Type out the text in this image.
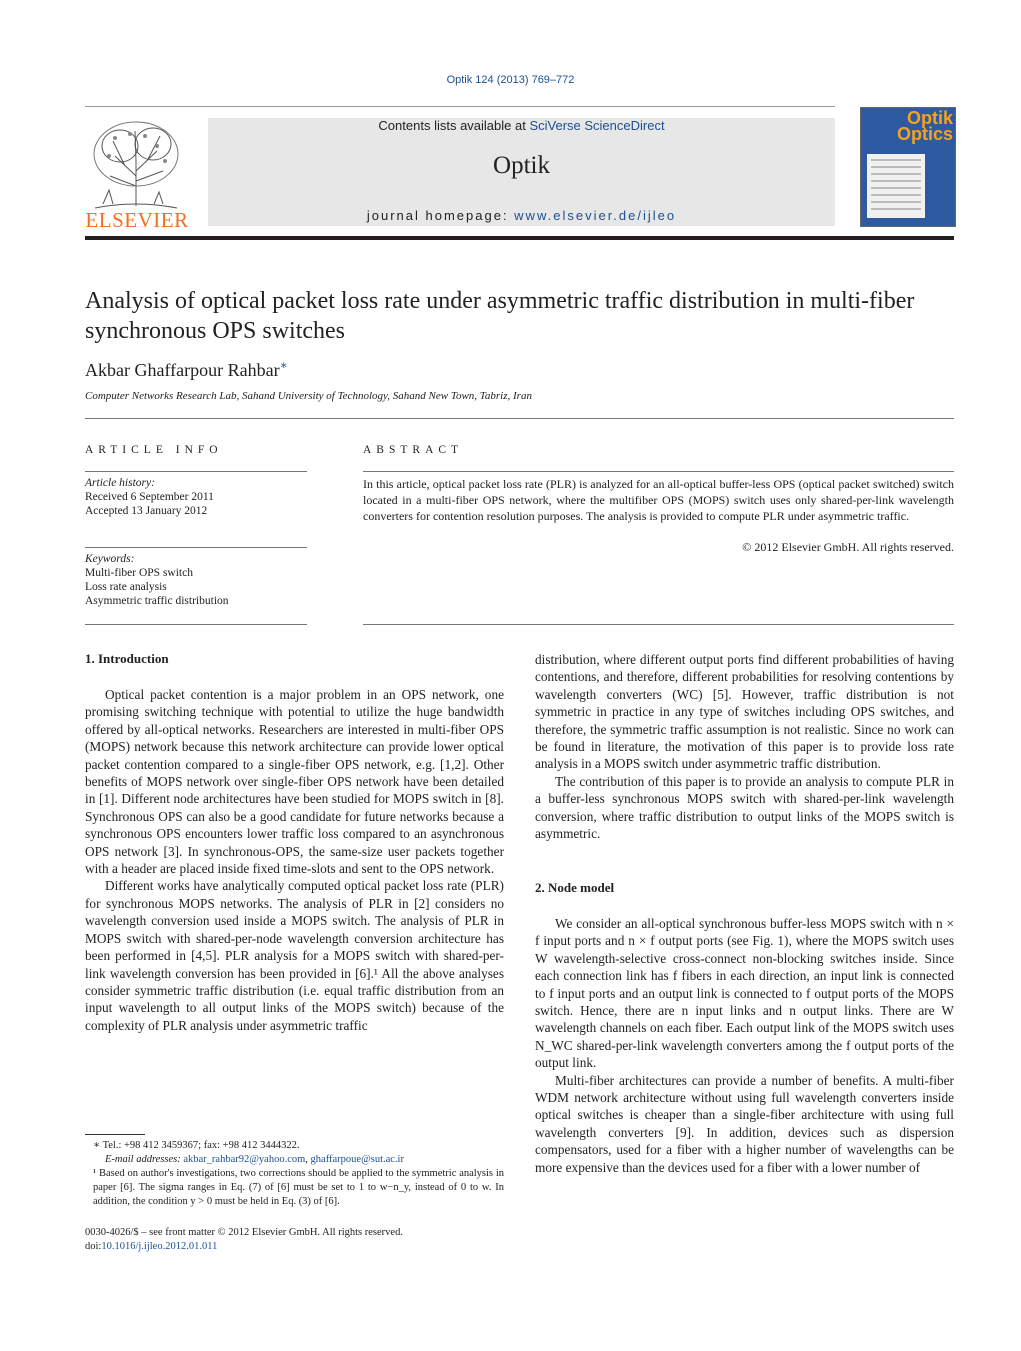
Optik 124 (2013) 769–772
ELSEVIER
Contents lists available at SciVerse ScienceDirect
Optik
journal homepage: www.elsevier.de/ijleo
Optik
Optics
Analysis of optical packet loss rate under asymmetric traffic distribution in multi-fiber synchronous OPS switches
Akbar Ghaffarpour Rahbar∗
Computer Networks Research Lab, Sahand University of Technology, Sahand New Town, Tabriz, Iran
ARTICLE INFO
Article history:
Received 6 September 2011
Accepted 13 January 2012
Keywords:
Multi-fiber OPS switch
Loss rate analysis
Asymmetric traffic distribution
ABSTRACT
In this article, optical packet loss rate (PLR) is analyzed for an all-optical buffer-less OPS (optical packet switched) switch located in a multi-fiber OPS network, where the multifiber OPS (MOPS) switch uses only shared-per-link wavelength converters for contention resolution purposes. The analysis is provided to compute PLR under asymmetric traffic.
© 2012 Elsevier GmbH. All rights reserved.
1. Introduction

Optical packet contention is a major problem in an OPS network, one promising switching technique with potential to utilize the huge bandwidth offered by all-optical networks. Researchers are interested in multi-fiber OPS (MOPS) network because this network architecture can provide lower optical packet contention compared to a single-fiber OPS network, e.g. [1,2]. Other benefits of MOPS network over single-fiber OPS network have been detailed in [1]. Different node architectures have been studied for MOPS switch in [8]. Synchronous OPS can also be a good candidate for future networks because a synchronous OPS encounters lower traffic loss compared to an asynchronous OPS network [3]. In synchronous-OPS, the same-size user packets together with a header are placed inside fixed time-slots and sent to the OPS network.

Different works have analytically computed optical packet loss rate (PLR) for synchronous MOPS networks. The analysis of PLR in [2] considers no wavelength conversion used inside a MOPS switch. The analysis of PLR in MOPS switch with shared-per-node wavelength conversion architecture has been performed in [4,5]. PLR analysis for a MOPS switch with shared-per-link wavelength conversion has been provided in [6].¹ All the above analyses consider symmetric traffic distribution (i.e. equal traffic distribution from an input wavelength to all output links of the MOPS switch) because of the complexity of PLR analysis under asymmetric traffic

distribution, where different output ports find different probabilities of having contentions, and therefore, different probabilities for resolving contentions by wavelength converters (WC) [5]. However, traffic distribution is not symmetric in practice in any type of switches including OPS switches, and therefore, the symmetric traffic assumption is not realistic. Since no work can be found in literature, the motivation of this paper is to provide loss rate analysis in a MOPS switch under asymmetric traffic distribution.

The contribution of this paper is to provide an analysis to compute PLR in a buffer-less synchronous MOPS switch with shared-per-link wavelength conversion, where traffic distribution to output links of the MOPS switch is asymmetric.

2. Node model

We consider an all-optical synchronous buffer-less MOPS switch with n × f input ports and n × f output ports (see Fig. 1), where the MOPS switch uses W wavelength-selective cross-connect non-blocking switches inside. Since each connection link has f fibers in each direction, an input link is connected to f input ports and an output link is connected to f output ports of the MOPS switch. Hence, there are n input links and n output links. There are W wavelength channels on each fiber. Each output link of the MOPS switch uses N_WC shared-per-link wavelength converters among the f output ports of the output link.

Multi-fiber architectures can provide a number of benefits. A multi-fiber WDM network architecture without using full wavelength converters inside optical switches is cheaper than a single-fiber architecture with using full wavelength converters [9]. In addition, devices such as dispersion compensators, used for a fiber with a higher number of wavelengths can be more expensive than the devices used for a fiber with a lower number of

∗ Tel.: +98 412 3459367; fax: +98 412 3444322.
E-mail addresses: akbar_rahbar92@yahoo.com, ghaffarpoue@sut.ac.ir
¹ Based on author's investigations, two corrections should be applied to the symmetric analysis in paper [6]. The sigma ranges in Eq. (7) of [6] must be set to 1 to w−n_y, instead of 0 to w. In addition, the condition y > 0 must be held in Eq. (3) of [6].
0030-4026/$ – see front matter © 2012 Elsevier GmbH. All rights reserved.
doi:10.1016/j.ijleo.2012.01.011
